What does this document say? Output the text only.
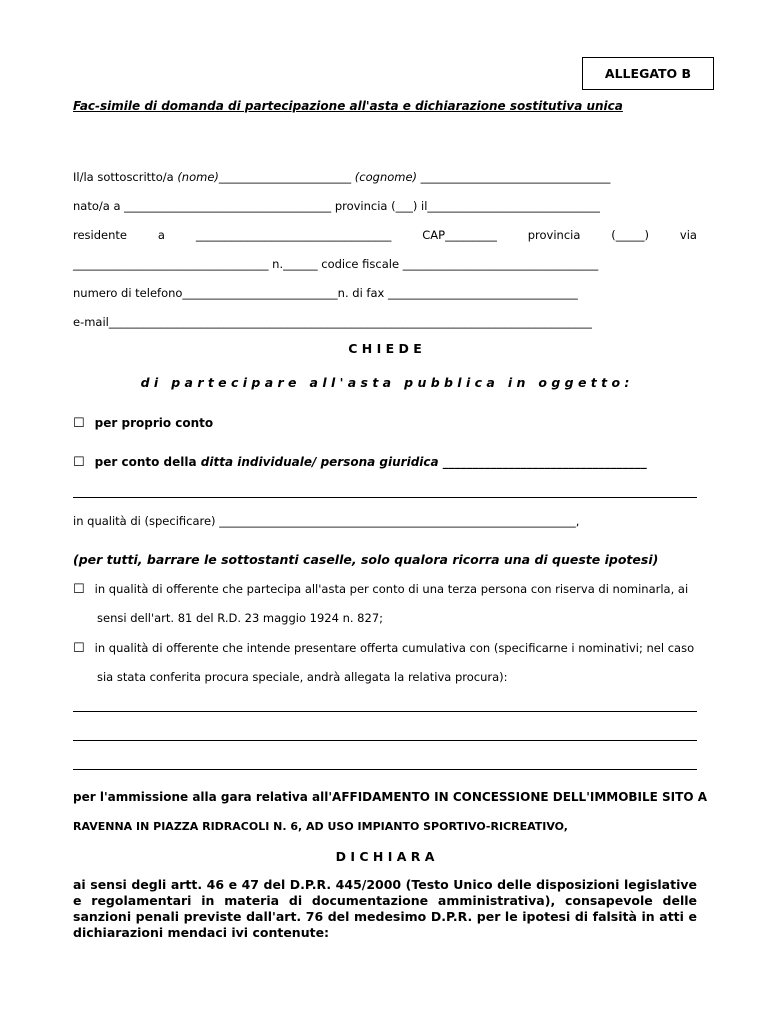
ALLEGATO B
Fac-simile di domanda di partecipazione all'asta e dichiarazione sostitutiva unica
Il/la sottoscritto/a (nome)_______________________ (cognome) _________________________________
nato/a a ____________________________________ provincia (___) il______________________________
residente	a	__________________________________	CAP_________	provincia	(_____)	via
__________________________________ n.______ codice fiscale __________________________________
numero di telefono___________________________n. di fax _________________________________
e-mail____________________________________________________________________________________
C H I E D E
d i   p a r t e c i p a r e   a l l ' a s t a   p u b b l i c a   i n   o g g e t t o :
☐ per proprio conto
☐ per conto della ditta individuale/ persona giuridica __________________________________
in qualità di (specificare) ______________________________________________________________,
(per tutti, barrare le sottostanti caselle, solo qualora ricorra una di queste ipotesi)
☐ in qualità di offerente che partecipa all'asta per conto di una terza persona con riserva di nominarla, ai
sensi dell'art. 81 del R.D. 23 maggio 1924 n. 827;
☐ in qualità di offerente che intende presentare offerta cumulativa con (specificarne i nominativi; nel caso
sia stata conferita procura speciale, andrà allegata la relativa procura):
per l'ammissione alla gara relativa all'AFFIDAMENTO IN CONCESSIONE DELL'IMMOBILE SITO A
RAVENNA IN PIAZZA RIDRACOLI N. 6, AD USO IMPIANTO SPORTIVO-RICREATIVO,
D I C H I A R A
ai sensi degli artt. 46 e 47 del D.P.R. 445/2000 (Testo Unico delle disposizioni legislative e regolamentari in materia di documentazione amministrativa), consapevole delle sanzioni penali previste dall'art. 76 del medesimo D.P.R. per le ipotesi di falsità in atti e dichiarazioni mendaci ivi contenute:
